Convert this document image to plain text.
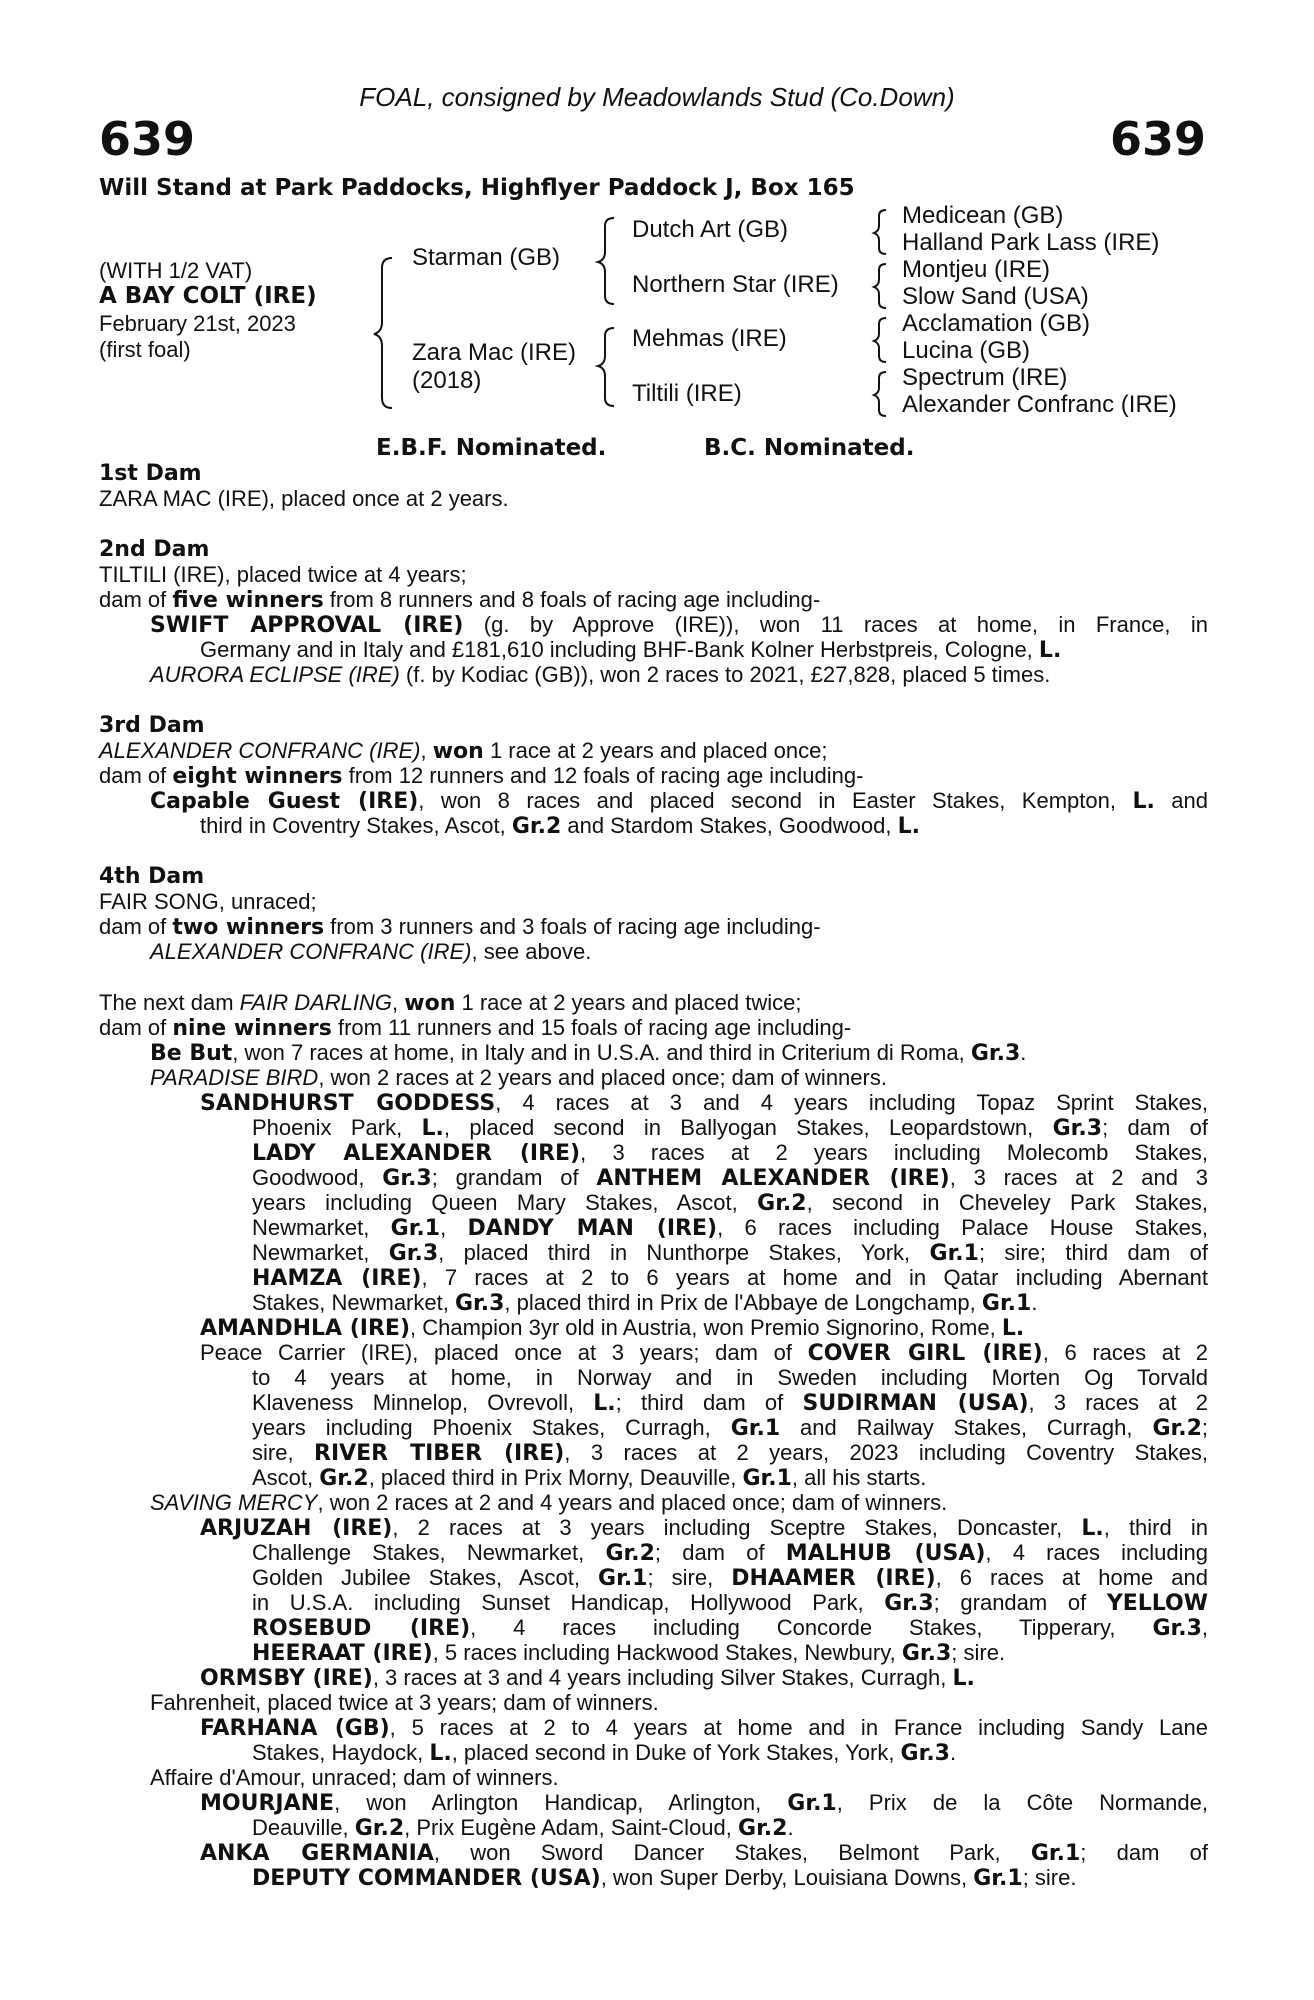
FOAL, consigned by Meadowlands Stud (Co.Down)
639	639
Will Stand at Park Paddocks, Highflyer Paddock J, Box 165
(WITH 1/2 VAT)
A BAY COLT (IRE)
February 21st, 2023
(first foal)
Starman (GB)
Zara Mac (IRE)
(2018)
Dutch Art (GB)
Northern Star (IRE)
Mehmas (IRE)
Tiltili (IRE)
Medicean (GB)
Halland Park Lass (IRE)
Montjeu (IRE)
Slow Sand (USA)
Acclamation (GB)
Lucina (GB)
Spectrum (IRE)
Alexander Confranc (IRE)
E.B.F. Nominated.	B.C. Nominated.
1st Dam
ZARA MAC (IRE), placed once at 2 years.
2nd Dam
TILTILI (IRE), placed twice at 4 years;
dam of five winners from 8 runners and 8 foals of racing age including-
SWIFT APPROVAL (IRE) (g. by Approve (IRE)), won 11 races at home, in France, in
Germany and in Italy and £181,610 including BHF-Bank Kolner Herbstpreis, Cologne, L.
AURORA ECLIPSE (IRE) (f. by Kodiac (GB)), won 2 races to 2021, £27,828, placed 5 times.
3rd Dam
ALEXANDER CONFRANC (IRE), won 1 race at 2 years and placed once;
dam of eight winners from 12 runners and 12 foals of racing age including-
Capable Guest (IRE), won 8 races and placed second in Easter Stakes, Kempton, L. and
third in Coventry Stakes, Ascot, Gr.2 and Stardom Stakes, Goodwood, L.
4th Dam
FAIR SONG, unraced;
dam of two winners from 3 runners and 3 foals of racing age including-
ALEXANDER CONFRANC (IRE), see above.
The next dam FAIR DARLING, won 1 race at 2 years and placed twice;
dam of nine winners from 11 runners and 15 foals of racing age including-
Be But, won 7 races at home, in Italy and in U.S.A. and third in Criterium di Roma, Gr.3.
PARADISE BIRD, won 2 races at 2 years and placed once; dam of winners.
SANDHURST GODDESS, 4 races at 3 and 4 years including Topaz Sprint Stakes,
Phoenix Park, L., placed second in Ballyogan Stakes, Leopardstown, Gr.3; dam of
LADY ALEXANDER (IRE), 3 races at 2 years including Molecomb Stakes,
Goodwood, Gr.3; grandam of ANTHEM ALEXANDER (IRE), 3 races at 2 and 3
years including Queen Mary Stakes, Ascot, Gr.2, second in Cheveley Park Stakes,
Newmarket, Gr.1, DANDY MAN (IRE), 6 races including Palace House Stakes,
Newmarket, Gr.3, placed third in Nunthorpe Stakes, York, Gr.1; sire; third dam of
HAMZA (IRE), 7 races at 2 to 6 years at home and in Qatar including Abernant
Stakes, Newmarket, Gr.3, placed third in Prix de l'Abbaye de Longchamp, Gr.1.
AMANDHLA (IRE), Champion 3yr old in Austria, won Premio Signorino, Rome, L.
Peace Carrier (IRE), placed once at 3 years; dam of COVER GIRL (IRE), 6 races at 2
to 4 years at home, in Norway and in Sweden including Morten Og Torvald
Klaveness Minnelop, Ovrevoll, L.; third dam of SUDIRMAN (USA), 3 races at 2
years including Phoenix Stakes, Curragh, Gr.1 and Railway Stakes, Curragh, Gr.2;
sire, RIVER TIBER (IRE), 3 races at 2 years, 2023 including Coventry Stakes,
Ascot, Gr.2, placed third in Prix Morny, Deauville, Gr.1, all his starts.
SAVING MERCY, won 2 races at 2 and 4 years and placed once; dam of winners.
ARJUZAH (IRE), 2 races at 3 years including Sceptre Stakes, Doncaster, L., third in
Challenge Stakes, Newmarket, Gr.2; dam of MALHUB (USA), 4 races including
Golden Jubilee Stakes, Ascot, Gr.1; sire, DHAAMER (IRE), 6 races at home and
in U.S.A. including Sunset Handicap, Hollywood Park, Gr.3; grandam of YELLOW
ROSEBUD (IRE), 4 races including Concorde Stakes, Tipperary, Gr.3,
HEERAAT (IRE), 5 races including Hackwood Stakes, Newbury, Gr.3; sire.
ORMSBY (IRE), 3 races at 3 and 4 years including Silver Stakes, Curragh, L.
Fahrenheit, placed twice at 3 years; dam of winners.
FARHANA (GB), 5 races at 2 to 4 years at home and in France including Sandy Lane
Stakes, Haydock, L., placed second in Duke of York Stakes, York, Gr.3.
Affaire d'Amour, unraced; dam of winners.
MOURJANE, won Arlington Handicap, Arlington, Gr.1, Prix de la Côte Normande,
Deauville, Gr.2, Prix Eugène Adam, Saint-Cloud, Gr.2.
ANKA GERMANIA, won Sword Dancer Stakes, Belmont Park, Gr.1; dam of
DEPUTY COMMANDER (USA), won Super Derby, Louisiana Downs, Gr.1; sire.
